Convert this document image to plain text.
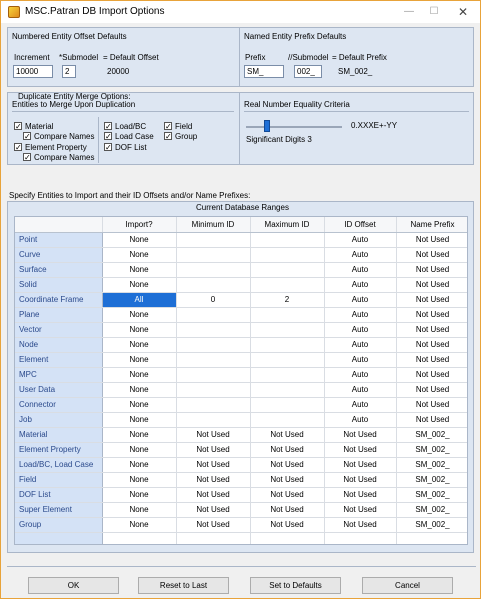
MSC.Patran DB Import Options	—	☐	✕
Numbered Entity Offset Defaults
Increment *Submodel = Default Offset
10000	2	20000
Named Entity Prefix Defaults
Prefix	//Submodel = Default Prefix
SM_	002_	SM_002_
Duplicate Entity Merge Options:
Entities to Merge Upon Duplication
✓ Material
✓ Compare Names
✓ Element Property
✓ Compare Names
✓ Load/BC
✓ Load Case
✓ DOF List
✓ Field
✓ Group
Real Number Equality Criteria
0.XXXE+-YY
Significant Digits 3
Specify Entities to Import and their ID Offsets and/or Name Prefixes:
Current Database Ranges
	Import?	Minimum ID	Maximum ID	ID Offset	Name Prefix
Point	None			Auto	Not Used
Curve	None			Auto	Not Used
Surface	None			Auto	Not Used
Solid	None			Auto	Not Used
Coordinate Frame	All	0	2	Auto	Not Used
Plane	None			Auto	Not Used
Vector	None			Auto	Not Used
Node	None			Auto	Not Used
Element	None			Auto	Not Used
MPC	None			Auto	Not Used
User Data	None			Auto	Not Used
Connector	None			Auto	Not Used
Job	None			Auto	Not Used
Material	None	Not Used	Not Used	Not Used	SM_002_
Element Property	None	Not Used	Not Used	Not Used	SM_002_
Load/BC, Load Case	None	Not Used	Not Used	Not Used	SM_002_
Field	None	Not Used	Not Used	Not Used	SM_002_
DOF List	None	Not Used	Not Used	Not Used	SM_002_
Super Element	None	Not Used	Not Used	Not Used	SM_002_
Group	None	Not Used	Not Used	Not Used	SM_002_

OK	Reset to Last	Set to Defaults	Cancel
